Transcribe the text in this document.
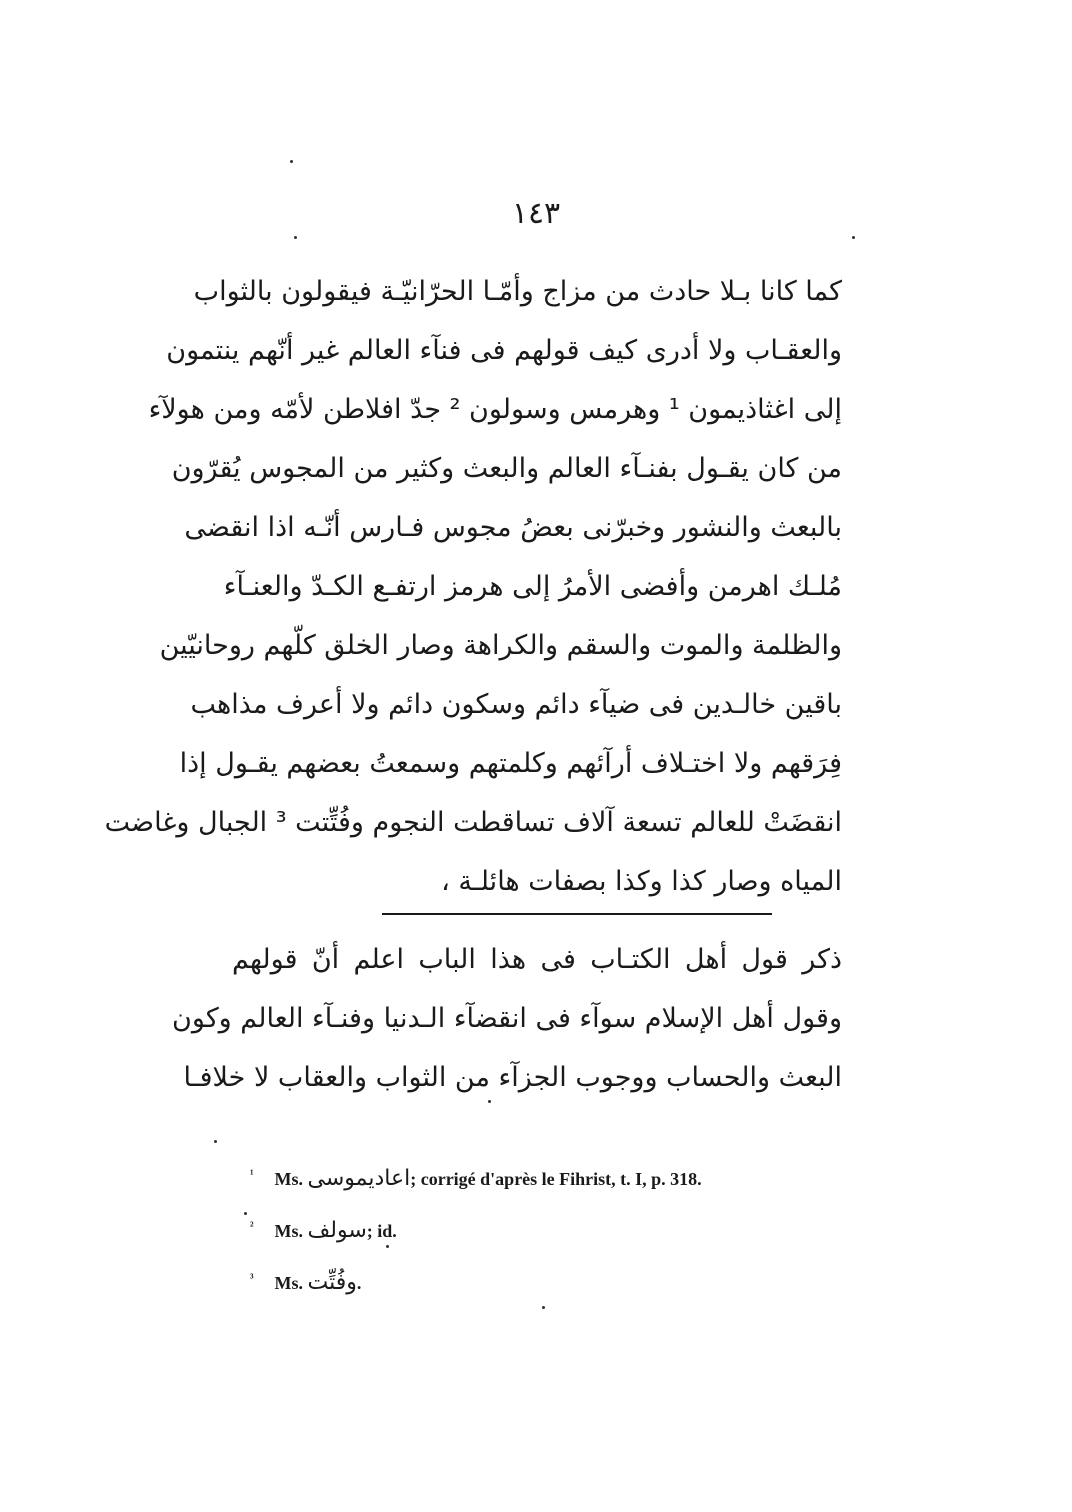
١٤٣
كما كانا بـلا حادث من مزاج وأمّـا الحرّانيّـة فيقولون بالثواب
والعقـاب ولا أدرى كيف قولهم فى فنآء العالم غير أنّهم ينتمون
إلى اغثاذيمون ¹ وهرمس وسولون ² جدّ افلاطن لأمّه ومن هولآء
من كان يقـول بفنـآء العالم والبعث وكثير من المجوس يُقرّون
بالبعث والنشور وخبرّنى بعضُ مجوس فـارس أنّـه اذا انقضى
مُلـك اهرمن وأفضى الأمرُ إلى هرمز ارتفـع الكـدّ والعنـآء
والظلمة والموت والسقم والكراهة وصار الخلق كلّهم روحانيّين
باقين خالـدين فى ضيآء دائم وسكون دائم ولا أعرف مذاهب
فِرَقهم ولا اختـلاف أرآئهم وكلمتهم وسمعتُ بعضهم يقـول إذا
انقضَتْ للعالم تسعة آلاف تساقطت النجوم وفُتِّتت ³ الجبال وغاضت
المياه وصار كذا وكذا بصفات هائلـة ،
ذكر قول أهل الكتـاب فى هذا الباب اعلم أنّ قولهم
وقول أهل الإسلام سوآء فى انقضآء الـدنيا وفنـآء العالم وكون
البعث والحساب ووجوب الجزآء من الثواب والعقاب لا خلافـا
¹ Ms. اعاديموسى; corrigé d'après le Fihrist, t. I, p. 318.
² Ms. سولف; id.
³ Ms. وفُتِّت.
